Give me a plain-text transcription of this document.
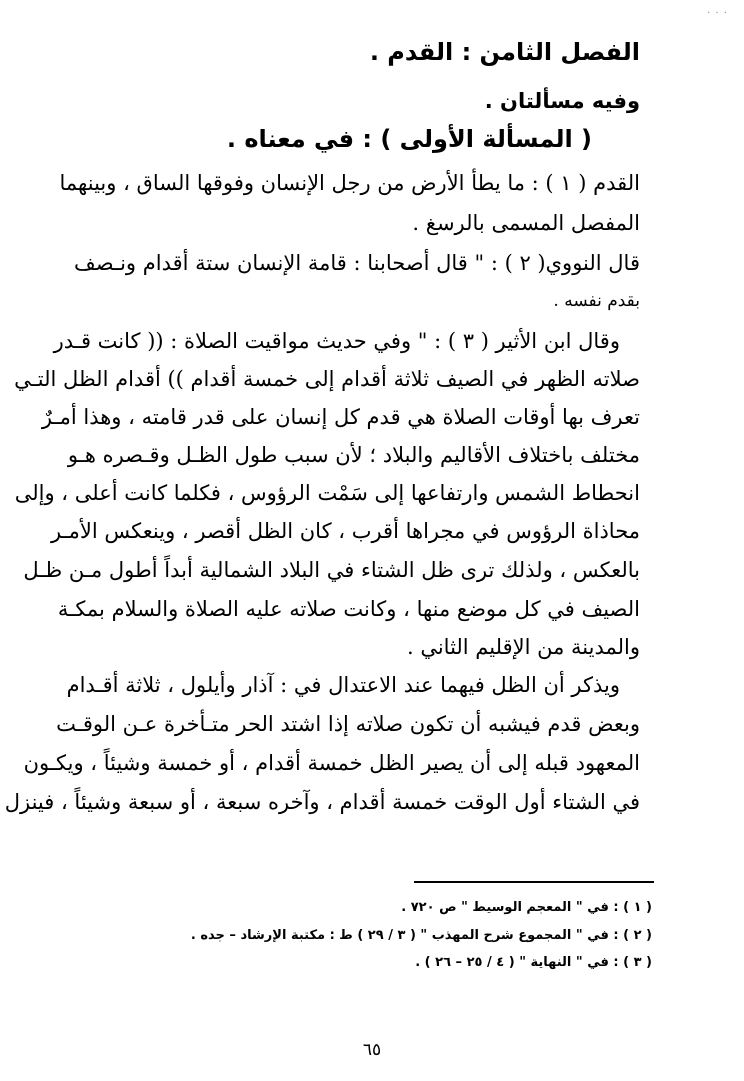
· · ·
الفصل الثامن : القدم .
وفيه مسألتان .
( المسألة الأولى ) : في معناه .
القدم ( ١ ) : ما يطأ الأرض من رجل الإنسان وفوقها الساق ، وبينهما
المفصل المسمى بالرسغ .
قال النووي( ٢ ) : " قال أصحابنا : قامة الإنسان ستة أقدام ونـصف
بقدم نفسه .
وقال ابن الأثير ( ٣ ) : " وفي حديث مواقيت الصلاة : (( كانت قـدر
صلاته الظهر في الصيف ثلاثة أقدام إلى خمسة أقدام )) أقدام الظل التـي
تعرف بها أوقات الصلاة هي قدم كل إنسان على قدر قامته ، وهذا أمـرٌ
مختلف باختلاف الأقاليم والبلاد ؛ لأن سبب طول الظـل وقـصره هـو
انحطاط الشمس وارتفاعها إلى سَمْت الرؤوس ، فكلما كانت أعلى ، وإلى
محاذاة الرؤوس في مجراها أقرب ، كان الظل أقصر ، وينعكس الأمـر
بالعكس ، ولذلك ترى ظل الشتاء في البلاد الشمالية أبداً أطول مـن ظـل
الصيف في كل موضع منها ، وكانت صلاته عليه الصلاة والسلام بمكـة
والمدينة من الإقليم الثاني .
ويذكر أن الظل فيهما عند الاعتدال في : آذار وأيلول ، ثلاثة أقـدام
وبعض قدم فيشبه أن تكون صلاته إذا اشتد الحر متـأخرة عـن الوقـت
المعهود قبله إلى أن يصير الظل خمسة أقدام ، أو خمسة وشيئاً ، ويكـون
في الشتاء أول الوقت خمسة أقدام ، وآخره سبعة ، أو سبعة وشيئاً ، فينزل
( ١ ) : في " المعجم الوسيط " ص ٧٢٠ .
( ٢ ) : في " المجموع شرح المهذب " ( ٣ / ٢٩ ) ط : مكتبة الإرشاد – جده .
( ٣ ) : في " النهاية " ( ٤ / ٢٥ – ٢٦ ) .
٦٥
